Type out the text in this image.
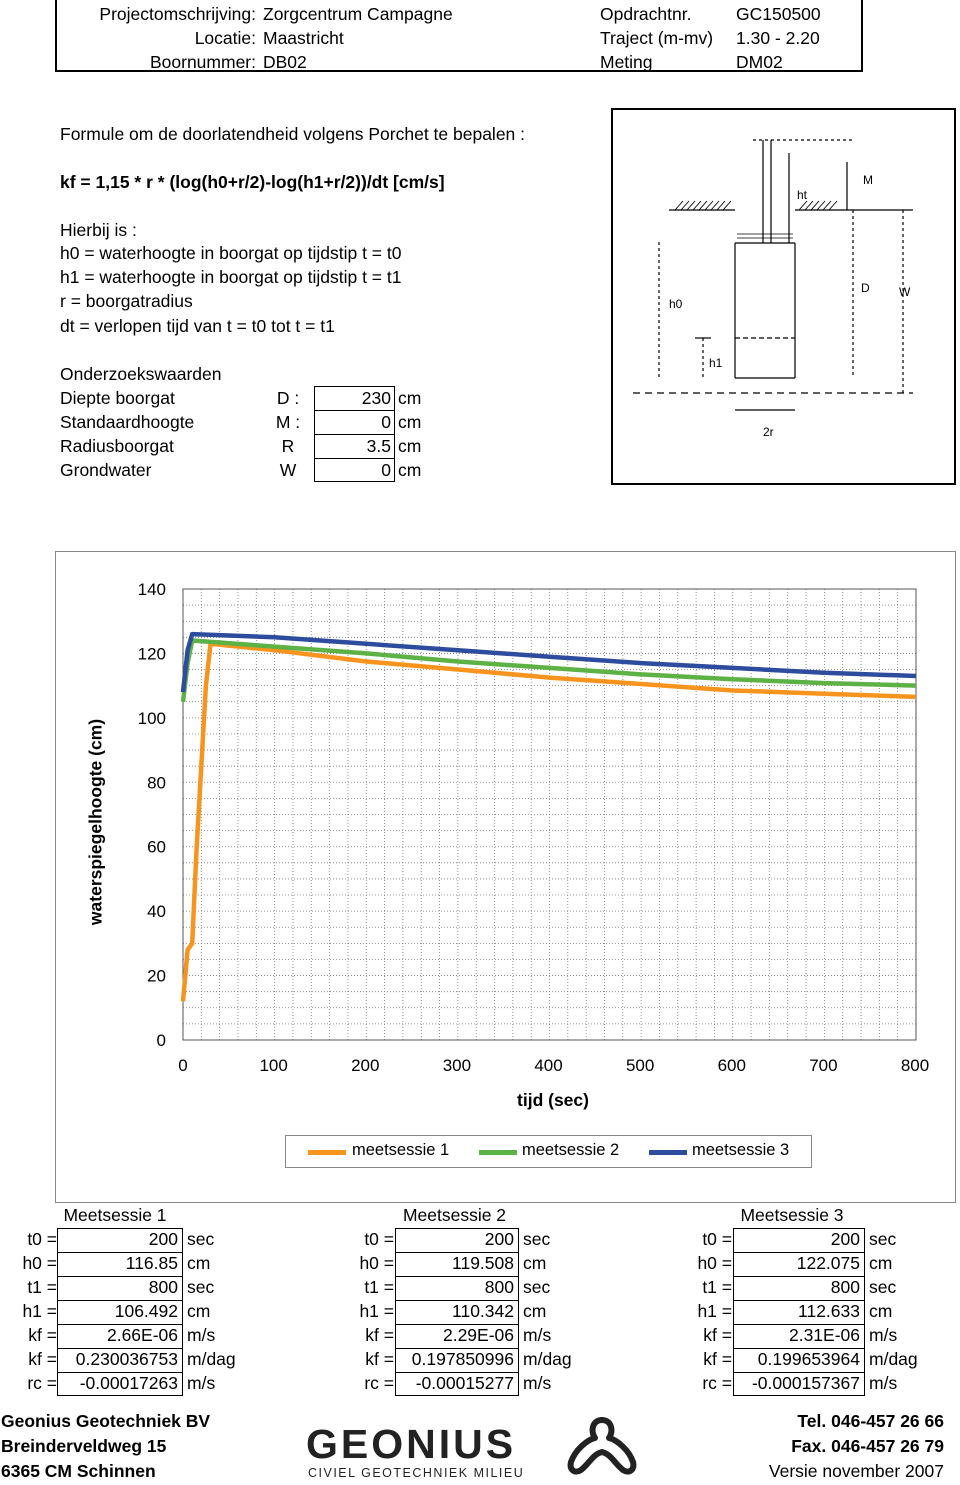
Projectomschrijving: Zorgcentrum Campagne
Locatie: Maastricht
Boornummer: DB02
Opdrachtnr.	GC150500
Traject (m-mv) 1.30 - 2.20
Meting	DM02
Formule om de doorlatendheid volgens Porchet te bepalen :
kf = 1,15 * r * (log(h0+r/2)-log(h1+r/2))/dt [cm/s]
Hierbij is :
h0 = waterhoogte in boorgat op tijdstip t = t0
h1 = waterhoogte in boorgat op tijdstip t = t1
r = boorgatradius
dt = verlopen tijd van t = t0 tot t = t1
Onderzoekswaarden
Diepte boorgat	D :	230 cm
Standaardhoogte	M :	0 cm
Radiusboorgat	R	3.5 cm
Grondwater	W	0 cm
ht
M
h0
h1
D W
2r
0
20
40
60
80
100
120
140
0	100	200	300	400	500	600	700	800
waterspiegelhoogte (cm)
tijd (sec)
meetsessie 1	meetsessie 2	meetsessie 3
Meetsessie 1	Meetsessie 2	Meetsessie 3
t0 =	200 sec
h0 =	116.85 cm
t1 =	800 sec
h1 =	106.492 cm
kf =	2.66E-06 m/s
kf =	0.230036753 m/dag
rc =	-0.00017263 m/s
t0 =	200 sec
h0 =	119.508 cm
t1 =	800 sec
h1 =	110.342 cm
kf =	2.29E-06 m/s
kf =	0.197850996 m/dag
rc =	-0.00015277 m/s
t0 =	200 sec
h0 =	122.075 cm
t1 =	800 sec
h1 =	112.633 cm
kf =	2.31E-06 m/s
kf =	0.199653964 m/dag
rc =	-0.000157367 m/s
Geonius Geotechniek BV
Breinderveldweg 15
6365 CM Schinnen
GEONIUS
CIVIEL GEOTECHNIEK MILIEU
Tel. 046-457 26 66
Fax. 046-457 26 79
Versie november 2007
